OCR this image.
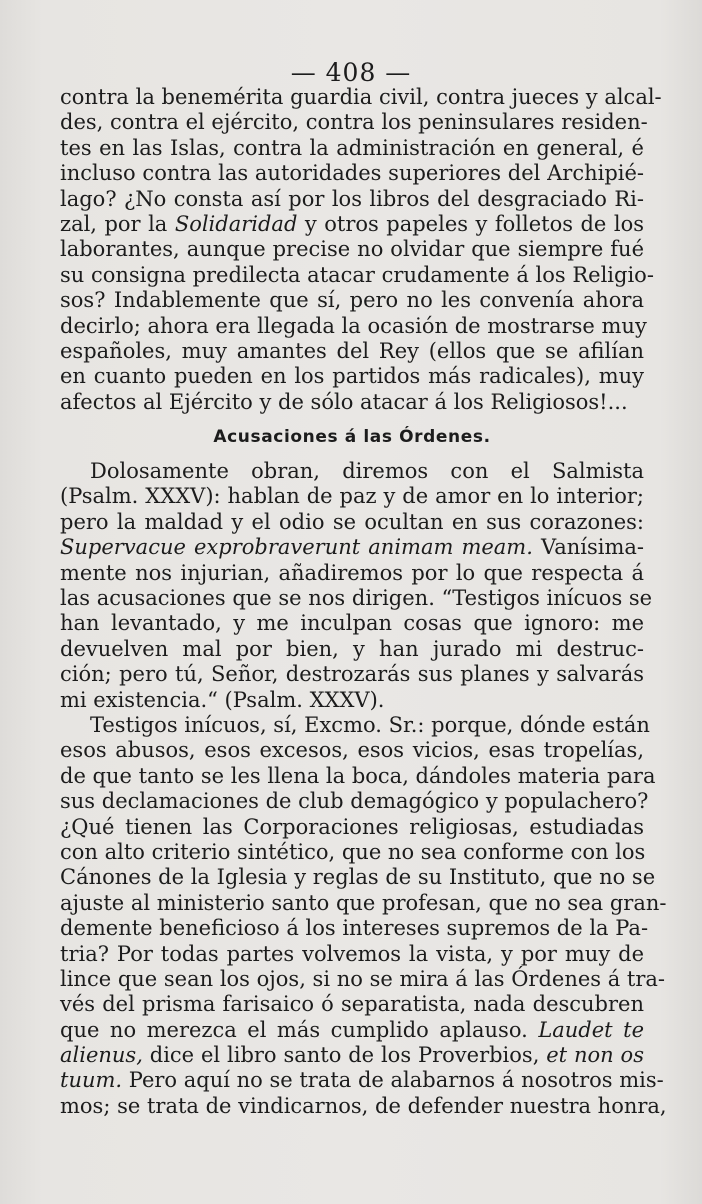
— 408 —
contra la benemérita guardia civil, contra jueces y alcal-
des, contra el ejército, contra los peninsulares residen-
tes en las Islas, contra la administración en general, é
incluso contra las autoridades superiores del Archipié-
lago? ¿No consta así por los libros del desgraciado Ri-
zal, por la Solidaridad y otros papeles y folletos de los
laborantes, aunque precise no olvidar que siempre fué
su consigna predilecta atacar crudamente á los Religio-
sos? Indablemente que sí, pero no les convenía ahora
decirlo; ahora era llegada la ocasión de mostrarse muy
españoles, muy amantes del Rey (ellos que se afilían
en cuanto pueden en los partidos más radicales), muy
afectos al Ejército y de sólo atacar á los Religiosos!...
Acusaciones á las Órdenes.
Dolosamente obran, diremos con el Salmista
(Psalm. XXXV): hablan de paz y de amor en lo interior;
pero la maldad y el odio se ocultan en sus corazones:
Supervacue exprobraverunt animam meam. Vanísima-
mente nos injurian, añadiremos por lo que respecta á
las acusaciones que se nos dirigen. “Testigos inícuos se
han levantado, y me inculpan cosas que ignoro: me
devuelven mal por bien, y han jurado mi destruc-
ción; pero tú, Señor, destrozarás sus planes y salvarás
mi existencia.“ (Psalm. XXXV).
Testigos inícuos, sí, Excmo. Sr.: porque, dónde están
esos abusos, esos excesos, esos vicios, esas tropelías,
de que tanto se les llena la boca, dándoles materia para
sus declamaciones de club demagógico y populachero?
¿Qué tienen las Corporaciones religiosas, estudiadas
con alto criterio sintético, que no sea conforme con los
Cánones de la Iglesia y reglas de su Instituto, que no se
ajuste al ministerio santo que profesan, que no sea gran-
demente beneficioso á los intereses supremos de la Pa-
tria? Por todas partes volvemos la vista, y por muy de
lince que sean los ojos, si no se mira á las Órdenes á tra-
vés del prisma farisaico ó separatista, nada descubren
que no merezca el más cumplido aplauso. Laudet te
alienus, dice el libro santo de los Proverbios, et non os
tuum. Pero aquí no se trata de alabarnos á nosotros mis-
mos; se trata de vindicarnos, de defender nuestra honra,
